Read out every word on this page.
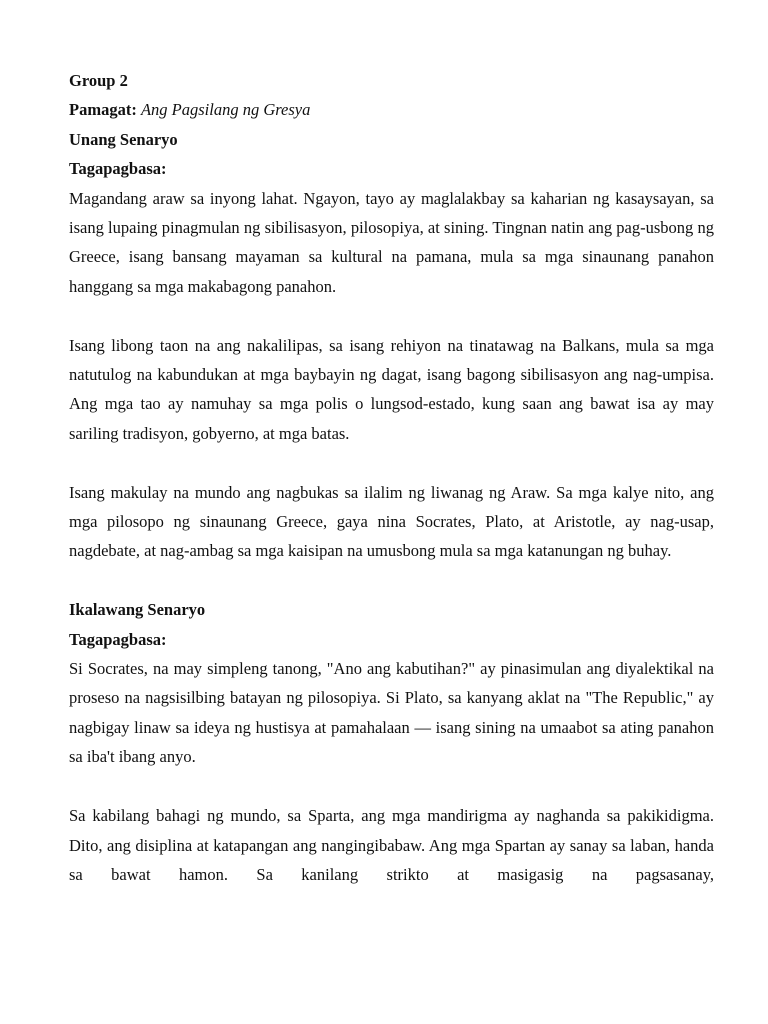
Group 2
Pamagat: Ang Pagsilang ng Gresya
Unang Senaryo
Tagapagbasa:

Magandang araw sa inyong lahat. Ngayon, tayo ay maglalakbay sa kaharian ng kasaysayan, sa isang lupaing pinagmulan ng sibilisasyon, pilosopiya, at sining. Tingnan natin ang pag-usbong ng Greece, isang bansang mayaman sa kultural na pamana, mula sa mga sinaunang panahon hanggang sa mga makabagong panahon.

Isang libong taon na ang nakalilipas, sa isang rehiyon na tinatawag na Balkans, mula sa mga natutulog na kabundukan at mga baybayin ng dagat, isang bagong sibilisasyon ang nag-umpisa. Ang mga tao ay namuhay sa mga polis o lungsod-estado, kung saan ang bawat isa ay may sariling tradisyon, gobyerno, at mga batas.

Isang makulay na mundo ang nagbukas sa ilalim ng liwanag ng Araw. Sa mga kalye nito, ang mga pilosopo ng sinaunang Greece, gaya nina Socrates, Plato, at Aristotle, ay nag-usap, nagdebate, at nag-ambag sa mga kaisipan na umusbong mula sa mga katanungan ng buhay.

Ikalawang Senaryo
Tagapagbasa:

Si Socrates, na may simpleng tanong, "Ano ang kabutihan?" ay pinasimulan ang diyalektikal na proseso na nagsisilbing batayan ng pilosopiya. Si Plato, sa kanyang aklat na "The Republic," ay nagbigay linaw sa ideya ng hustisya at pamahalaan — isang sining na umaabot sa ating panahon sa iba't ibang anyo.

Sa kabilang bahagi ng mundo, sa Sparta, ang mga mandirigma ay naghanda sa pakikidigma. Dito, ang disiplina at katapangan ang nangingibabaw. Ang mga Spartan ay sanay sa laban, handa sa bawat hamon. Sa kanilang strikto at masigasig na pagsasanay,
